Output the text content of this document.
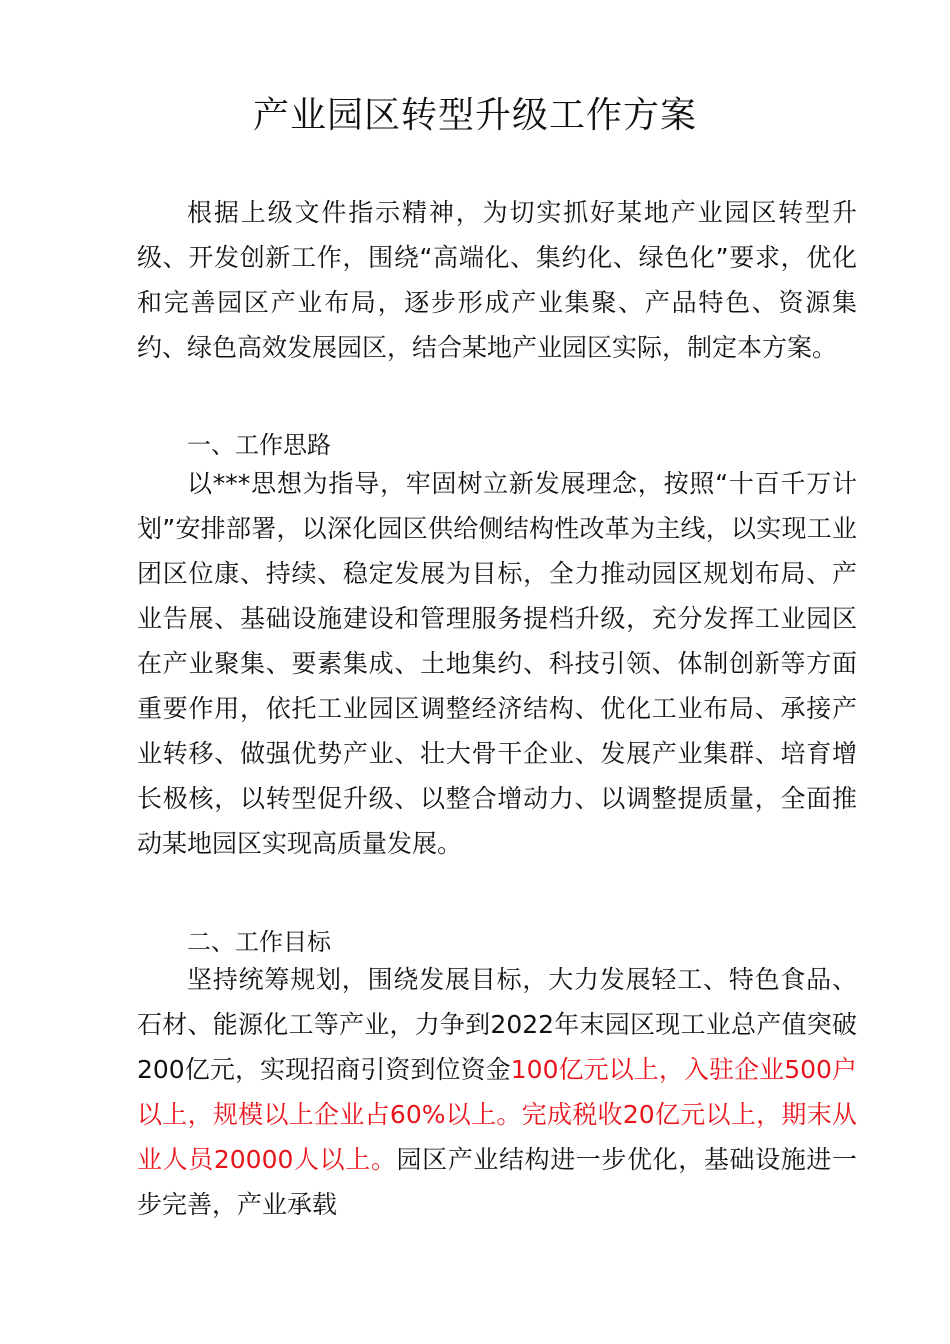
产业园区转型升级工作方案

根据上级文件指示精神，为切实抓好某地产业园区转型升级、开发创新工作，围绕“高端化、集约化、绿色化”要求，优化和完善园区产业布局，逐步形成产业集聚、产品特色、资源集约、绿色高效发展园区，结合某地产业园区实际，制定本方案。

一、工作思路

以***思想为指导，牢固树立新发展理念，按照“十百千万计划”安排部署，以深化园区供给侧结构性改革为主线，以实现工业团区位康、持续、稳定发展为目标，全力推动园区规划布局、产业告展、基础设施建设和管理服务提档升级，充分发挥工业园区在产业聚集、要素集成、土地集约、科技引领、体制创新等方面重要作用，依托工业园区调整经济结构、优化工业布局、承接产业转移、做强优势产业、壮大骨干企业、发展产业集群、培育增长极核，以转型促升级、以整合增动力、以调整提质量，全面推动某地园区实现高质量发展。

二、工作目标

坚持统筹规划，围绕发展目标，大力发展轻工、特色食品、石材、能源化工等产业，力争到2022年末园区现工业总产值突破200亿元，实现招商引资到位资金100亿元以上，入驻企业500户以上，规模以上企业占60%以上。完成税收20亿元以上，期末从业人员20000人以上。园区产业结构进一步优化，基础设施进一步完善，产业承载
